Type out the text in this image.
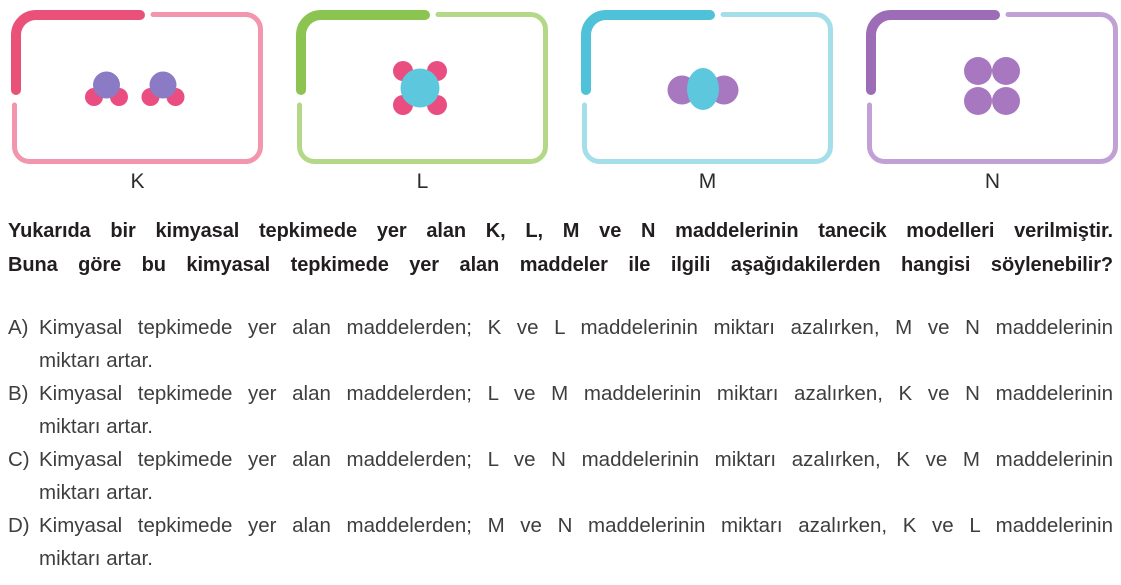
K	L	M	N
Yukarıda bir kimyasal tepkimede yer alan K, L, M ve N maddelerinin tanecik modelleri verilmiştir.
Buna göre bu kimyasal tepkimede yer alan maddeler ile ilgili aşağıdakilerden hangisi söylenebilir?
A) Kimyasal tepkimede yer alan maddelerden; K ve L maddelerinin miktarı azalırken, M ve N maddelerinin
miktarı artar.
B) Kimyasal tepkimede yer alan maddelerden; L ve M maddelerinin miktarı azalırken, K ve N maddelerinin
miktarı artar.
C) Kimyasal tepkimede yer alan maddelerden; L ve N maddelerinin miktarı azalırken, K ve M maddelerinin
miktarı artar.
D) Kimyasal tepkimede yer alan maddelerden; M ve N maddelerinin miktarı azalırken, K ve L maddelerinin
miktarı artar.
